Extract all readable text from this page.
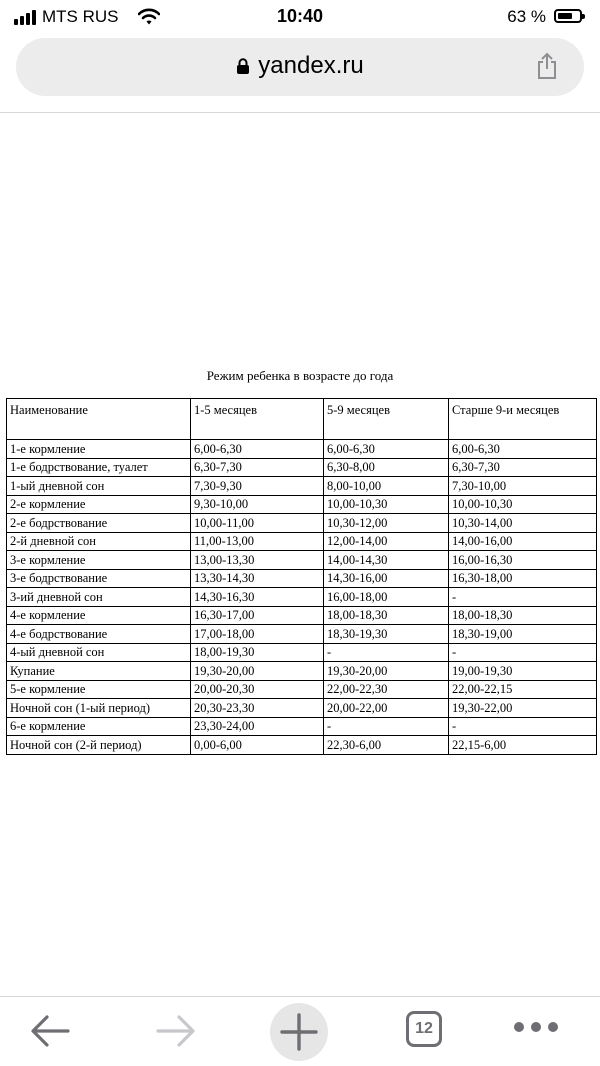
MTS RUS	10:40	63 %
yandex.ru
Режим ребенка в возрасте до года
Наименование	1-5 месяцев	5-9 месяцев	Старше 9-и месяцев
1-е кормление	6,00-6,30	6,00-6,30	6,00-6,30
1-е бодрствование, туалет	6,30-7,30	6,30-8,00	6,30-7,30
1-ый дневной сон	7,30-9,30	8,00-10,00	7,30-10,00
2-е кормление	9,30-10,00	10,00-10,30	10,00-10,30
2-е бодрствование	10,00-11,00	10,30-12,00	10,30-14,00
2-й дневной сон	11,00-13,00	12,00-14,00	14,00-16,00
3-е кормление	13,00-13,30	14,00-14,30	16,00-16,30
3-е бодрствование	13,30-14,30	14,30-16,00	16,30-18,00
3-ий дневной сон	14,30-16,30	16,00-18,00	-
4-е кормление	16,30-17,00	18,00-18,30	18,00-18,30
4-е бодрствование	17,00-18,00	18,30-19,30	18,30-19,00
4-ый дневной сон	18,00-19,30	-	-
Купание	19,30-20,00	19,30-20,00	19,00-19,30
5-е кормление	20,00-20,30	22,00-22,30	22,00-22,15
Ночной сон (1-ый период)	20,30-23,30	20,00-22,00	19,30-22,00
6-е кормление	23,30-24,00	-	-
Ночной сон (2-й период)	0,00-6,00	22,30-6,00	22,15-6,00
12
